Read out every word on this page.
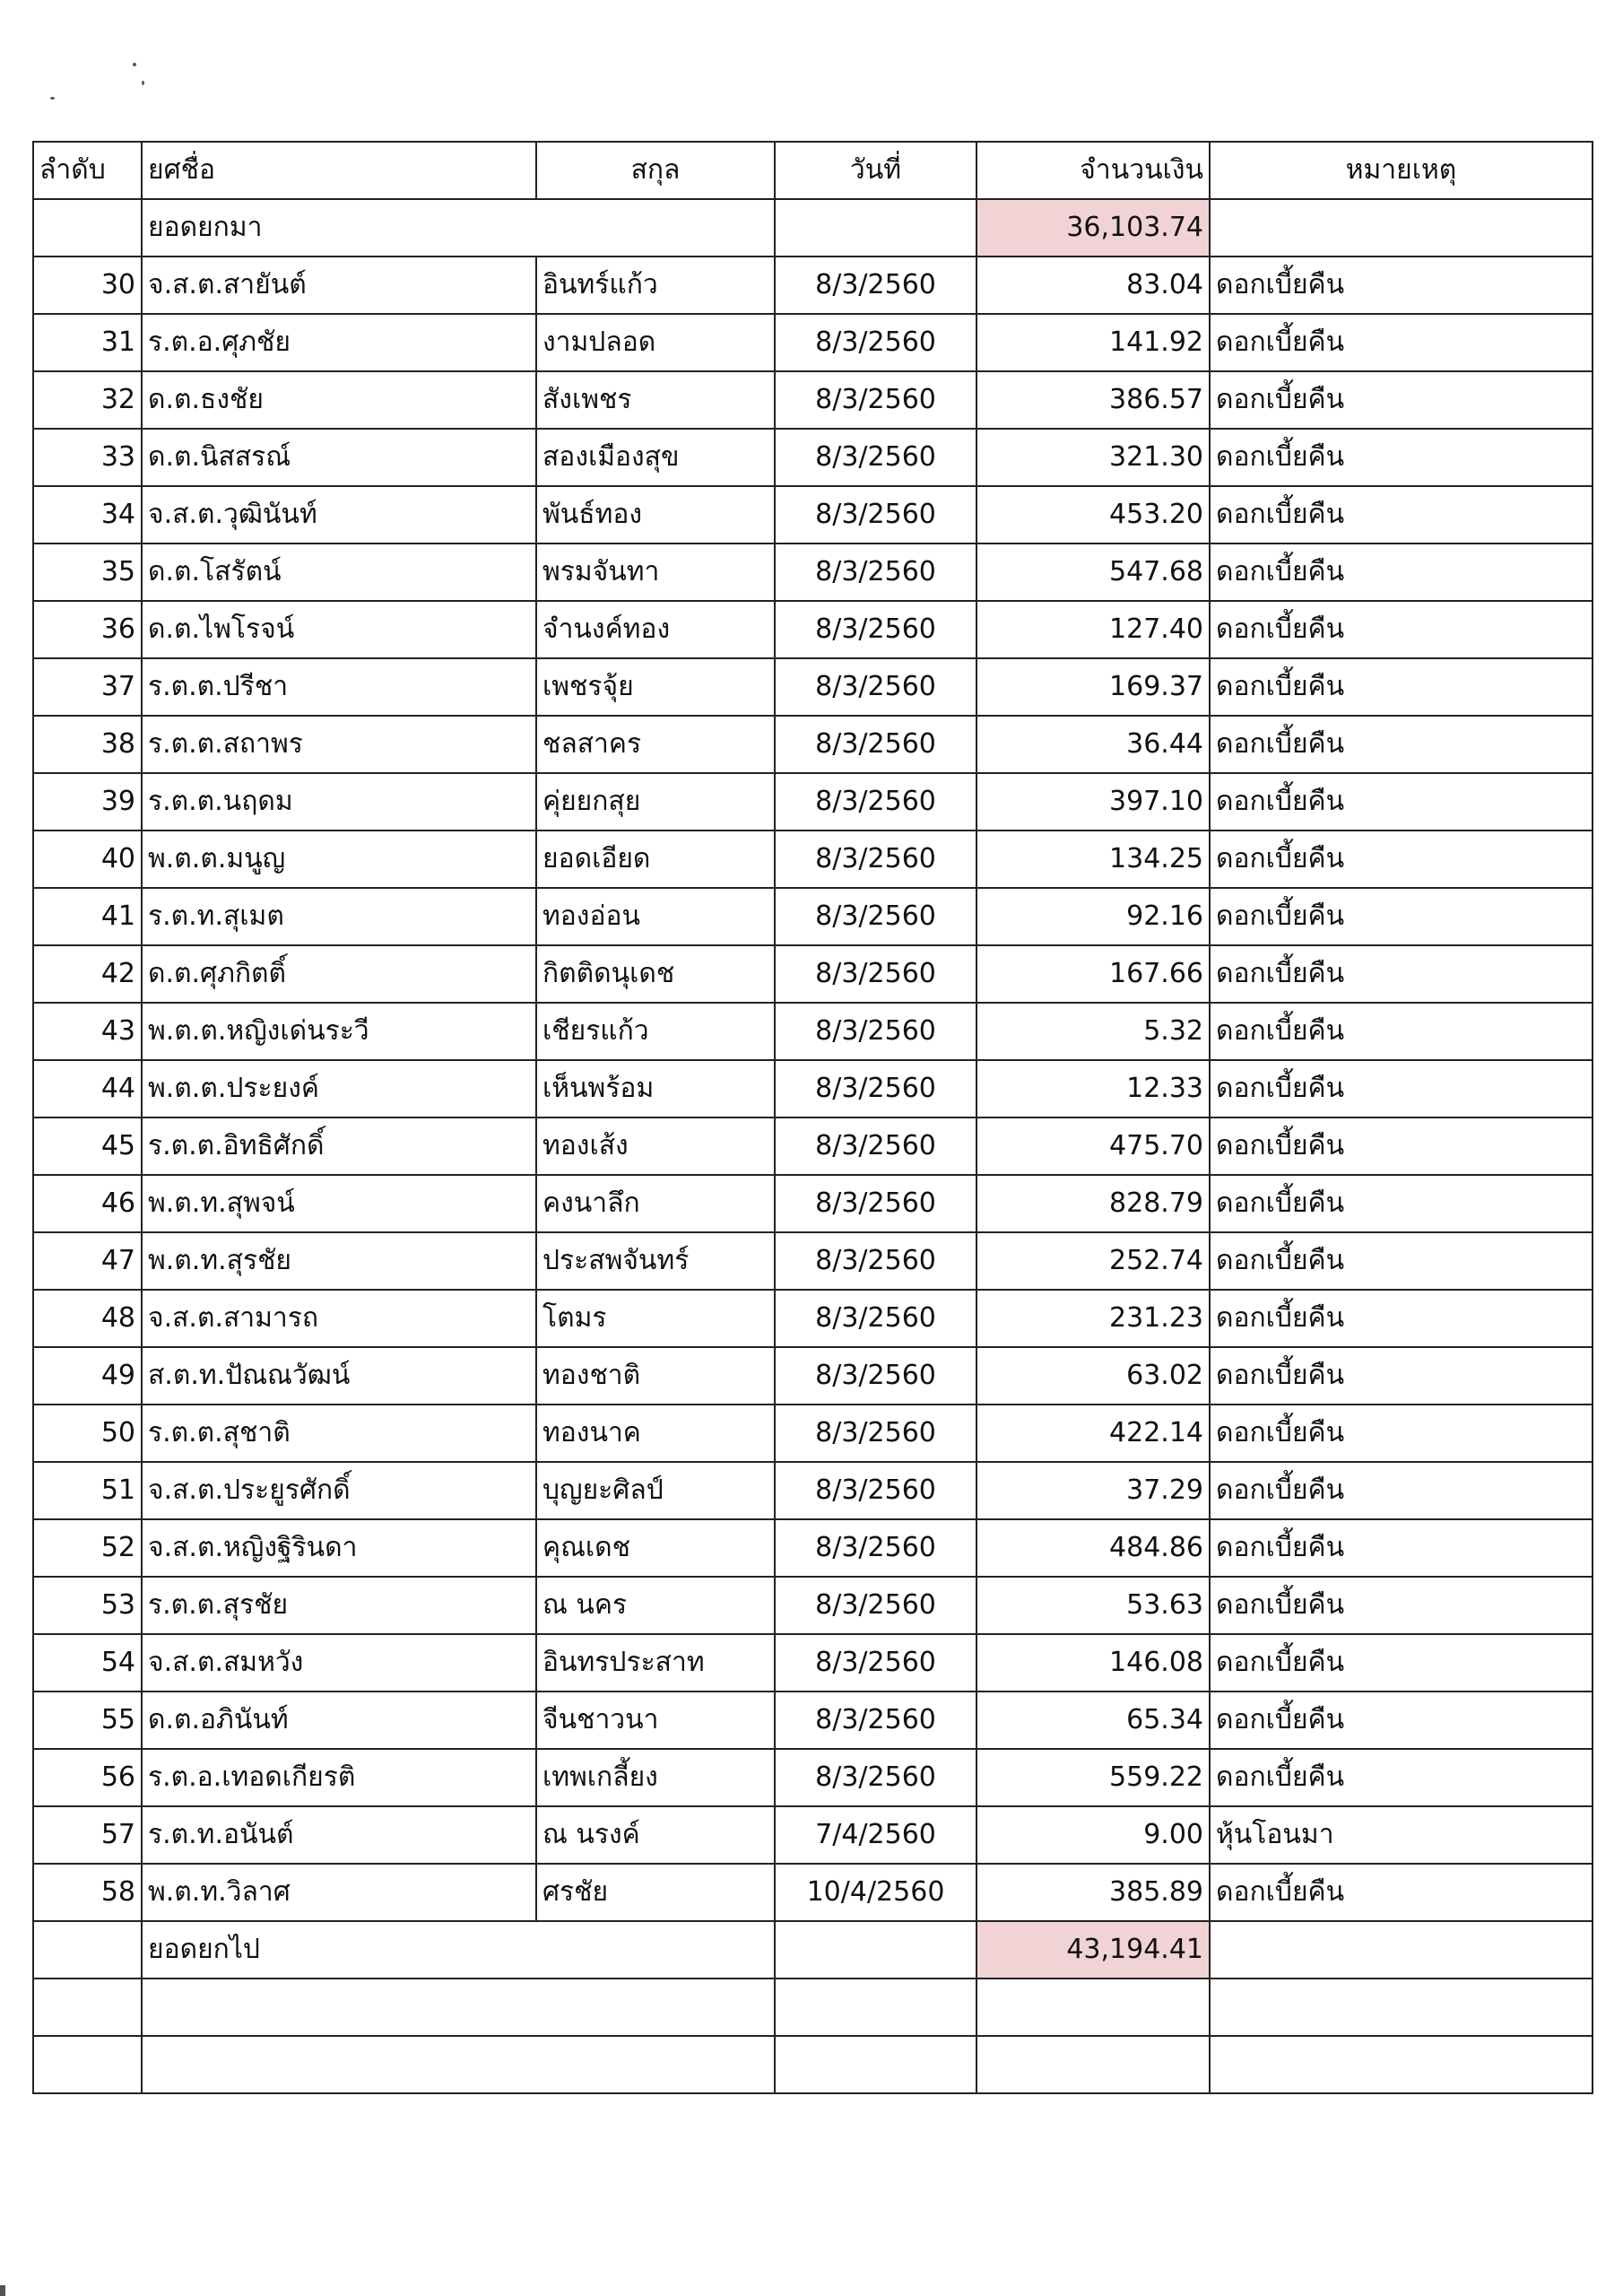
ลำดับ	ยศชื่อ	สกุล	วันที่	จำนวนเงิน	หมายเหตุ
	ยอดยกมา			36,103.74	
30	จ.ส.ต.สายันต์	อินทร์แก้ว	8/3/2560	83.04	ดอกเบี้ยคืน
31	ร.ต.อ.ศุภชัย	งามปลอด	8/3/2560	141.92	ดอกเบี้ยคืน
32	ด.ต.ธงชัย	สังเพชร	8/3/2560	386.57	ดอกเบี้ยคืน
33	ด.ต.นิสสรณ์	สองเมืองสุข	8/3/2560	321.30	ดอกเบี้ยคืน
34	จ.ส.ต.วุฒินันท์	พันธ์ทอง	8/3/2560	453.20	ดอกเบี้ยคืน
35	ด.ต.โสรัตน์	พรมจันทา	8/3/2560	547.68	ดอกเบี้ยคืน
36	ด.ต.ไพโรจน์	จำนงค์ทอง	8/3/2560	127.40	ดอกเบี้ยคืน
37	ร.ต.ต.ปรีชา	เพชรจุ้ย	8/3/2560	169.37	ดอกเบี้ยคืน
38	ร.ต.ต.สถาพร	ชลสาคร	8/3/2560	36.44	ดอกเบี้ยคืน
39	ร.ต.ต.นฤดม	คุ่ยยกสุย	8/3/2560	397.10	ดอกเบี้ยคืน
40	พ.ต.ต.มนูญ	ยอดเอียด	8/3/2560	134.25	ดอกเบี้ยคืน
41	ร.ต.ท.สุเมต	ทองอ่อน	8/3/2560	92.16	ดอกเบี้ยคืน
42	ด.ต.ศุภกิตติ์	กิตติดนุเดช	8/3/2560	167.66	ดอกเบี้ยคืน
43	พ.ต.ต.หญิงเด่นระวี	เชียรแก้ว	8/3/2560	5.32	ดอกเบี้ยคืน
44	พ.ต.ต.ประยงค์	เห็นพร้อม	8/3/2560	12.33	ดอกเบี้ยคืน
45	ร.ต.ต.อิทธิศักดิ์	ทองเส้ง	8/3/2560	475.70	ดอกเบี้ยคืน
46	พ.ต.ท.สุพจน์	คงนาลึก	8/3/2560	828.79	ดอกเบี้ยคืน
47	พ.ต.ท.สุรชัย	ประสพจันทร์	8/3/2560	252.74	ดอกเบี้ยคืน
48	จ.ส.ต.สามารถ	โตมร	8/3/2560	231.23	ดอกเบี้ยคืน
49	ส.ต.ท.ปัณณวัฒน์	ทองชาติ	8/3/2560	63.02	ดอกเบี้ยคืน
50	ร.ต.ต.สุชาติ	ทองนาค	8/3/2560	422.14	ดอกเบี้ยคืน
51	จ.ส.ต.ประยูรศักดิ์	บุญยะศิลป์	8/3/2560	37.29	ดอกเบี้ยคืน
52	จ.ส.ต.หญิงฐิรินดา	คุณเดช	8/3/2560	484.86	ดอกเบี้ยคืน
53	ร.ต.ต.สุรชัย	ณ นคร	8/3/2560	53.63	ดอกเบี้ยคืน
54	จ.ส.ต.สมหวัง	อินทรประสาท	8/3/2560	146.08	ดอกเบี้ยคืน
55	ด.ต.อภินันท์	จีนชาวนา	8/3/2560	65.34	ดอกเบี้ยคืน
56	ร.ต.อ.เทอดเกียรติ	เทพเกลี้ยง	8/3/2560	559.22	ดอกเบี้ยคืน
57	ร.ต.ท.อนันต์	ณ นรงค์	7/4/2560	9.00	หุ้นโอนมา
58	พ.ต.ท.วิลาศ	ศรชัย	10/4/2560	385.89	ดอกเบี้ยคืน
	ยอดยกไป			43,194.41	
